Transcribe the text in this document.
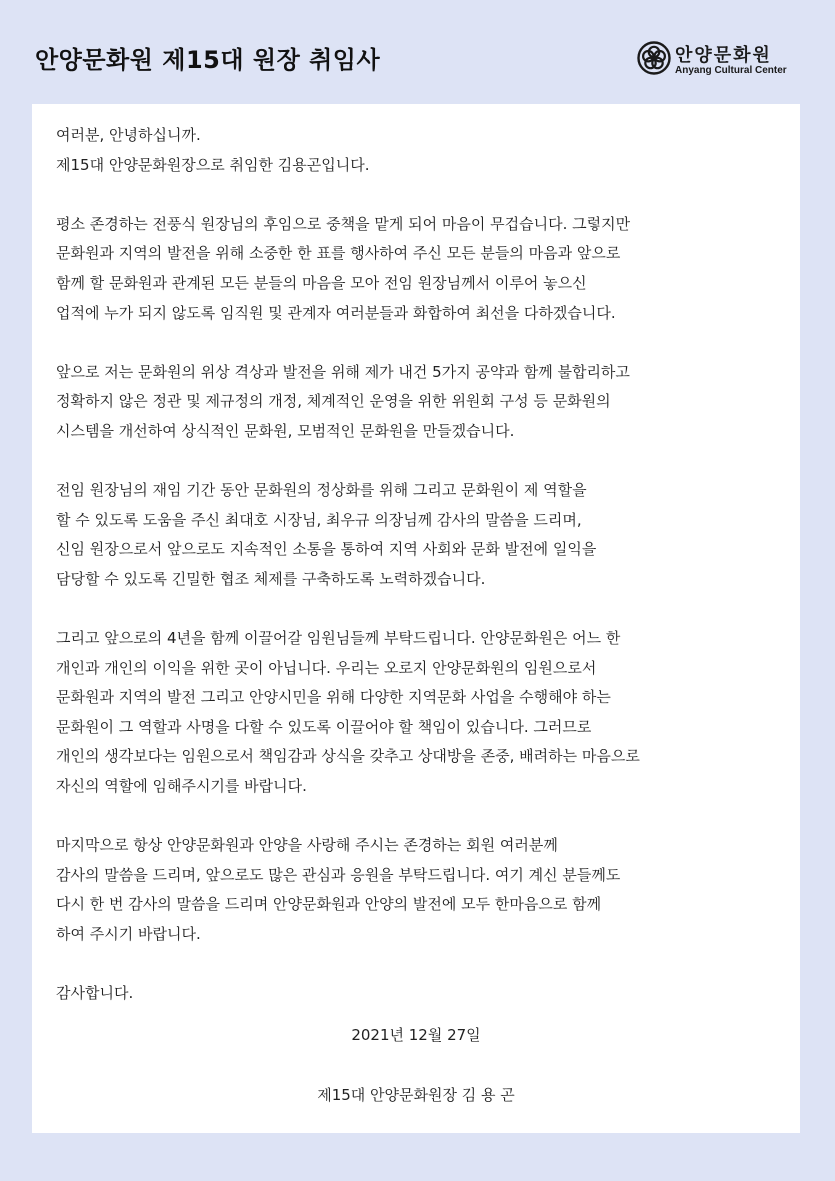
안양문화원 제15대 원장 취임사	안양문화원
Anyang Cultural Center
여러분, 안녕하십니까.
제15대 안양문화원장으로 취임한 김용곤입니다.
평소 존경하는 전풍식 원장님의 후임으로 중책을 맡게 되어 마음이 무겁습니다. 그렇지만
문화원과 지역의 발전을 위해 소중한 한 표를 행사하여 주신 모든 분들의 마음과 앞으로
함께 할 문화원과 관계된 모든 분들의 마음을 모아 전임 원장님께서 이루어 놓으신
업적에 누가 되지 않도록 임직원 및 관계자 여러분들과 화합하여 최선을 다하겠습니다.
앞으로 저는 문화원의 위상 격상과 발전을 위해 제가 내건 5가지 공약과 함께 불합리하고
정확하지 않은 정관 및 제규정의 개정, 체계적인 운영을 위한 위원회 구성 등 문화원의
시스템을 개선하여 상식적인 문화원, 모범적인 문화원을 만들겠습니다.
전임 원장님의 재임 기간 동안 문화원의 정상화를 위해 그리고 문화원이 제 역할을
할 수 있도록 도움을 주신 최대호 시장님, 최우규 의장님께 감사의 말씀을 드리며,
신임 원장으로서 앞으로도 지속적인 소통을 통하여 지역 사회와 문화 발전에 일익을
담당할 수 있도록 긴밀한 협조 체제를 구축하도록 노력하겠습니다.
그리고 앞으로의 4년을 함께 이끌어갈 임원님들께 부탁드립니다. 안양문화원은 어느 한
개인과 개인의 이익을 위한 곳이 아닙니다. 우리는 오로지 안양문화원의 임원으로서
문화원과 지역의 발전 그리고 안양시민을 위해 다양한 지역문화 사업을 수행해야 하는
문화원이 그 역할과 사명을 다할 수 있도록 이끌어야 할 책임이 있습니다. 그러므로
개인의 생각보다는 임원으로서 책임감과 상식을 갖추고 상대방을 존중, 배려하는 마음으로
자신의 역할에 임해주시기를 바랍니다.
마지막으로 항상 안양문화원과 안양을 사랑해 주시는 존경하는 회원 여러분께
감사의 말씀을 드리며, 앞으로도 많은 관심과 응원을 부탁드립니다. 여기 계신 분들께도
다시 한 번 감사의 말씀을 드리며 안양문화원과 안양의 발전에 모두 한마음으로 함께
하여 주시기 바랍니다.
감사합니다.
2021년 12월 27일
제15대 안양문화원장 김 용 곤
